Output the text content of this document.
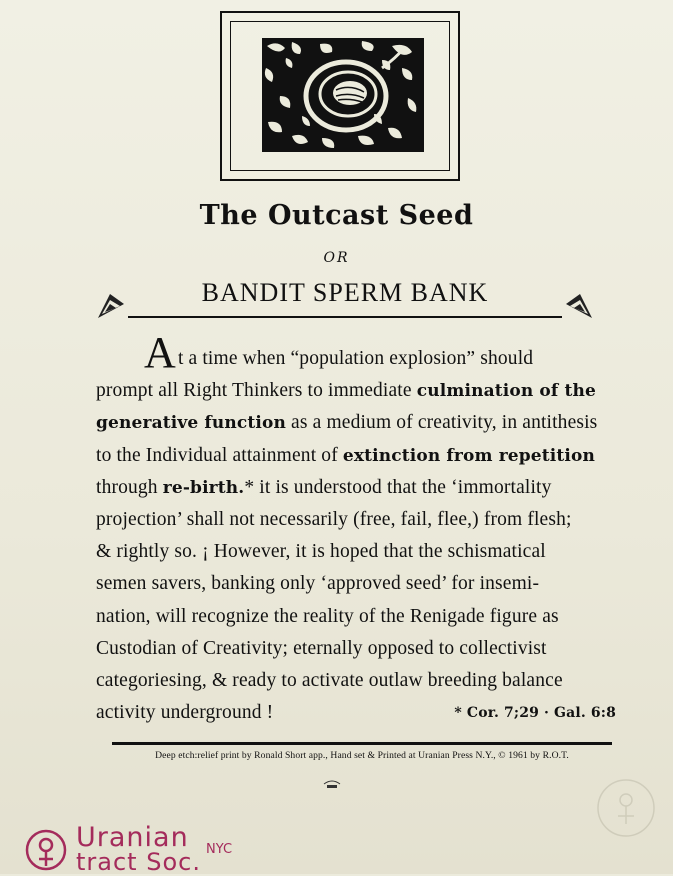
The Outcast Seed
OR
BANDIT SPERM BANK
At a time when “population explosion” should
prompt all Right Thinkers to immediate culmination of the
generative function as a medium of creativity, in antithesis
to the Individual attainment of extinction from repetition
through re-birth.* it is understood that the ‘immortality
projection’ shall not necessarily (free, fail, flee,) from flesh;
& rightly so. ¡ However, it is hoped that the schismatical
semen savers, banking only ‘approved seed’ for insemi-
nation, will recognize the reality of the Renigade figure as
Custodian of Creativity; eternally opposed to collectivist
categoriesing, & ready to activate outlaw breeding balance
activity underground !	* Cor. 7;29 · Gal. 6:8
Deep etch:relief print by Ronald Short app., Hand set & Printed at Uranian Press N.Y., © 1961 by R.O.T.
Uranian
tract Soc. NYC
